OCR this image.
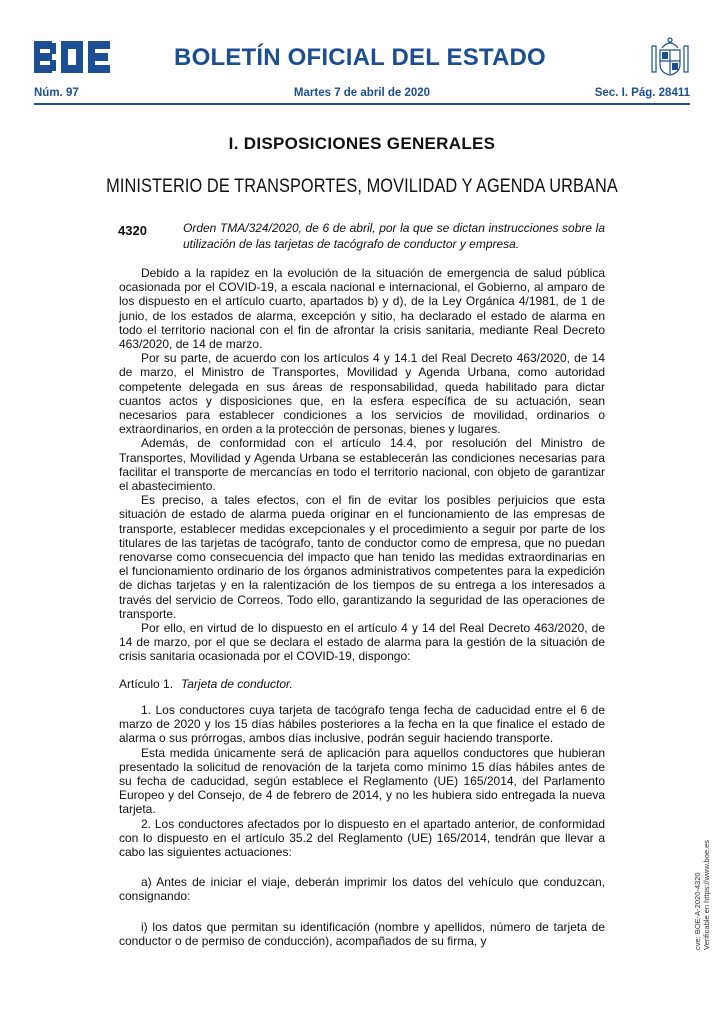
BOLETÍN OFICIAL DEL ESTADO
Núm. 97	Martes 7 de abril de 2020	Sec. I. Pág. 28411
I. DISPOSICIONES GENERALES
MINISTERIO DE TRANSPORTES, MOVILIDAD Y AGENDA URBANA
4320	Orden TMA/324/2020, de 6 de abril, por la que se dictan instrucciones sobre la utilización de las tarjetas de tacógrafo de conductor y empresa.

Debido a la rapidez en la evolución de la situación de emergencia de salud pública ocasionada por el COVID-19, a escala nacional e internacional, el Gobierno, al amparo de los dispuesto en el artículo cuarto, apartados b) y d), de la Ley Orgánica 4/1981, de 1 de junio, de los estados de alarma, excepción y sitio, ha declarado el estado de alarma en todo el territorio nacional con el fin de afrontar la crisis sanitaria, mediante Real Decreto 463/2020, de 14 de marzo.

Por su parte, de acuerdo con los artículos 4 y 14.1 del Real Decreto 463/2020, de 14 de marzo, el Ministro de Transportes, Movilidad y Agenda Urbana, como autoridad competente delegada en sus áreas de responsabilidad, queda habilitado para dictar cuantos actos y disposiciones que, en la esfera específica de su actuación, sean necesarios para establecer condiciones a los servicios de movilidad, ordinarios o extraordinarios, en orden a la protección de personas, bienes y lugares.

Además, de conformidad con el artículo 14.4, por resolución del Ministro de Transportes, Movilidad y Agenda Urbana se establecerán las condiciones necesarias para facilitar el transporte de mercancías en todo el territorio nacional, con objeto de garantizar el abastecimiento.

Es preciso, a tales efectos, con el fin de evitar los posibles perjuicios que esta situación de estado de alarma pueda originar en el funcionamiento de las empresas de transporte, establecer medidas excepcionales y el procedimiento a seguir por parte de los titulares de las tarjetas de tacógrafo, tanto de conductor como de empresa, que no puedan renovarse como consecuencia del impacto que han tenido las medidas extraordinarias en el funcionamiento ordinario de los órganos administrativos competentes para la expedición de dichas tarjetas y en la ralentización de los tiempos de su entrega a los interesados a través del servicio de Correos. Todo ello, garantizando la seguridad de las operaciones de transporte.

Por ello, en virtud de lo dispuesto en el artículo 4 y 14 del Real Decreto 463/2020, de 14 de marzo, por el que se declara el estado de alarma para la gestión de la situación de crisis sanitaria ocasionada por el COVID-19, dispongo:

Artículo 1. Tarjeta de conductor.

1. Los conductores cuya tarjeta de tacógrafo tenga fecha de caducidad entre el 6 de marzo de 2020 y los 15 días hábiles posteriores a la fecha en la que finalice el estado de alarma o sus prórrogas, ambos días inclusive, podrán seguir haciendo transporte.

Esta medida únicamente será de aplicación para aquellos conductores que hubieran presentado la solicitud de renovación de la tarjeta como mínimo 15 días hábiles antes de su fecha de caducidad, según establece el Reglamento (UE) 165/2014, del Parlamento Europeo y del Consejo, de 4 de febrero de 2014, y no les hubiera sido entregada la nueva tarjeta.

2. Los conductores afectados por lo dispuesto en el apartado anterior, de conformidad con lo dispuesto en el artículo 35.2 del Reglamento (UE) 165/2014, tendrán que llevar a cabo las siguientes actuaciones:

a) Antes de iniciar el viaje, deberán imprimir los datos del vehículo que conduzcan, consignando:

i) los datos que permitan su identificación (nombre y apellidos, número de tarjeta de conductor o de permiso de conducción), acompañados de su firma, y	cve: BOE-A-2020-4320 Verificable en https://www.boe.es
